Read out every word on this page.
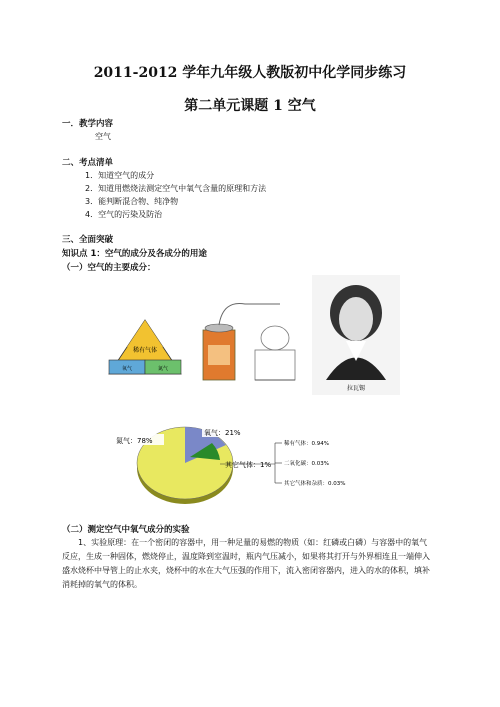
2011-2012 学年九年级人教版初中化学同步练习
第二单元课题 1 空气
一．教学内容
空气
二、考点清单
1．知道空气的成分
2．知道用燃烧法测定空气中氧气含量的原理和方法
3．能判断混合物、纯净物
4．空气的污染及防治
三、全面突破
知识点 1：空气的成分及各成分的用途
（一）空气的主要成分：
稀有气体
氧气	氮气
拉瓦锡
氮气：78%
氧气：21%
其它气体：1%
稀有气体：0.94%
二氧化碳：0.03%
其它气体和杂质：0.03%
（二）测定空气中氧气成分的实验
1、实验原理：在一个密闭的容器中，用一种足量的易燃的物质（如：红磷或白磷）与容器中的氧气反应，生成一种固体，燃烧停止，温度降到室温时，瓶内气压减小，如果将其打开与外界相连且一端伸入盛水烧杯中导管上的止水夹，烧杯中的水在大气压强的作用下，流入密闭容器内，进入的水的体积，填补消耗掉的氧气的体积。
